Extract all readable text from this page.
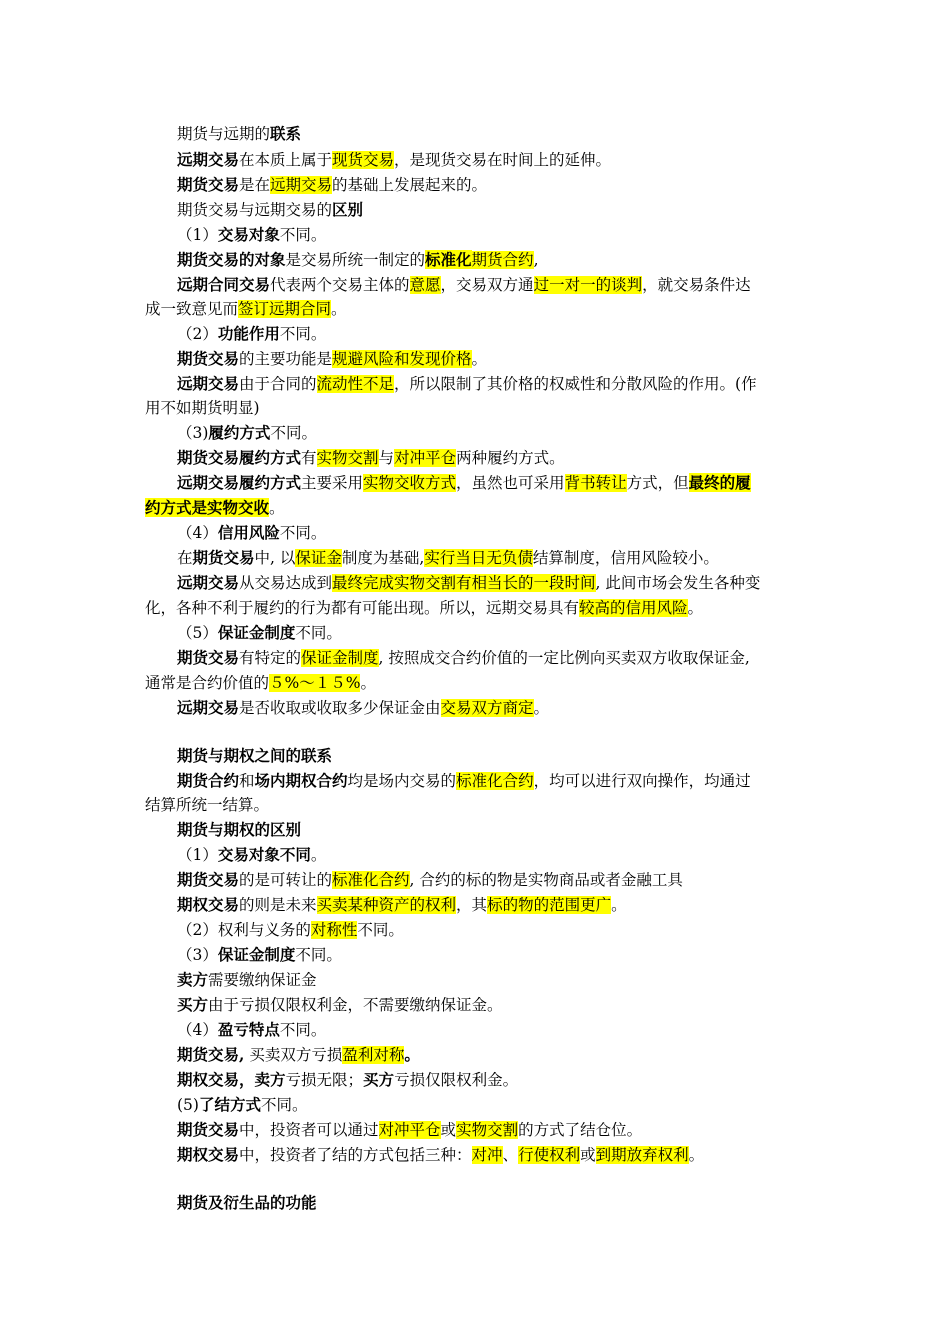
期货与远期的联系
远期交易在本质上属于现货交易，是现货交易在时间上的延伸。
期货交易是在远期交易的基础上发展起来的。
期货交易与远期交易的区别
（1）交易对象不同。
期货交易的对象是交易所统一制定的标准化期货合约,
远期合同交易代表两个交易主体的意愿，交易双方通过一对一的谈判，就交易条件达
成一致意见而签订远期合同。
（2）功能作用不同。
期货交易的主要功能是规避风险和发现价格。
远期交易由于合同的流动性不足，所以限制了其价格的权威性和分散风险的作用。(作
用不如期货明显)
（3)履约方式不同。
期货交易履约方式有实物交割与对冲平仓两种履约方式。
远期交易履约方式主要采用实物交收方式，虽然也可采用背书转让方式，但最终的履
约方式是实物交收。
（4）信用风险不同。
在期货交易中, 以保证金制度为基础,实行当日无负债结算制度，信用风险较小。
远期交易从交易达成到最终完成实物交割有相当长的一段时间, 此间市场会发生各种变
化，各种不利于履约的行为都有可能出现。所以，远期交易具有较高的信用风险。
（5）保证金制度不同。
期货交易有特定的保证金制度, 按照成交合约价值的一定比例向买卖双方收取保证金,
通常是合约价值的５%～１５%。
远期交易是否收取或收取多少保证金由交易双方商定。
期货与期权之间的联系
期货合约和场内期权合约均是场内交易的标准化合约，均可以进行双向操作，均通过
结算所统一结算。
期货与期权的区别
（1）交易对象不同。
期货交易的是可转让的标准化合约, 合约的标的物是实物商品或者金融工具
期权交易的则是未来买卖某种资产的权利，其标的物的范围更广。
（2）权利与义务的对称性不同。
（3）保证金制度不同。
卖方需要缴纳保证金
买方由于亏损仅限权利金，不需要缴纳保证金。
（4）盈亏特点不同。
期货交易, 买卖双方亏损盈利对称。
期权交易，卖方亏损无限；买方亏损仅限权利金。
(5)了结方式不同。
期货交易中，投资者可以通过对冲平仓或实物交割的方式了结仓位。
期权交易中，投资者了结的方式包括三种：对冲、行使权利或到期放弃权利。
期货及衍生品的功能
